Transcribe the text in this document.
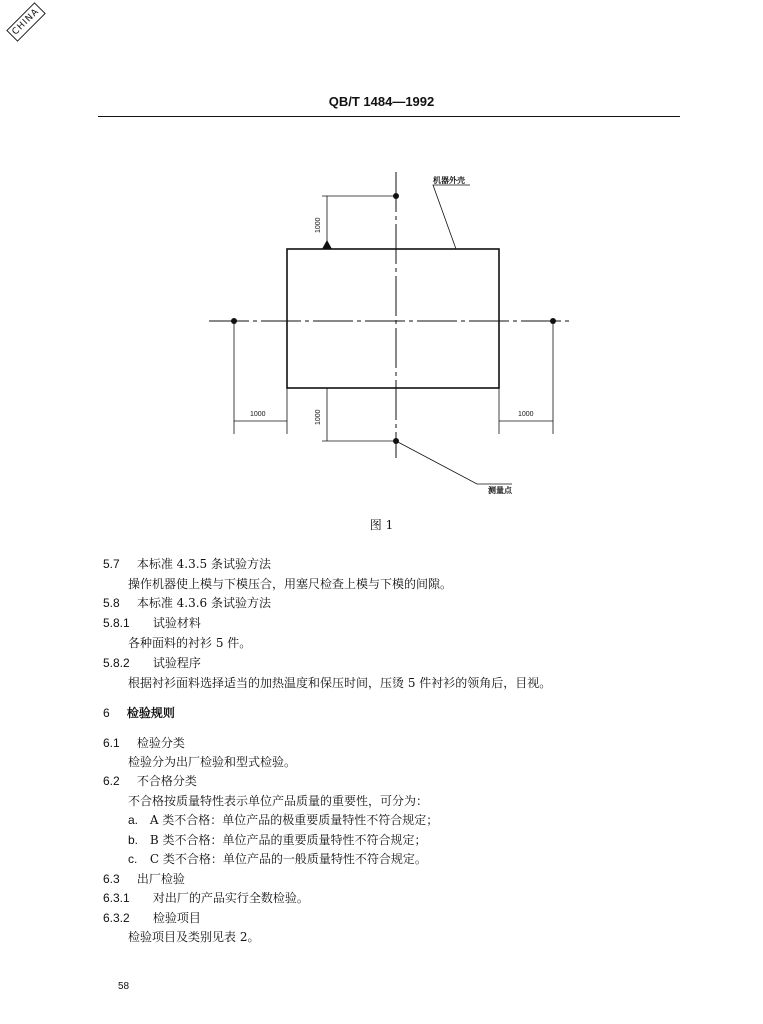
CHINA
QB/T 1484—1992
1000
1000
1000	1000
机器外壳
测量点
图 1
5.7 本标准 4.3.5 条试验方法
操作机器使上模与下模压合，用塞尺检查上模与下模的间隙。
5.8 本标准 4.3.6 条试验方法
5.8.1 试验材料
各种面料的衬衫 5 件。
5.8.2 试验程序
根据衬衫面料选择适当的加热温度和保压时间，压烫 5 件衬衫的领角后，目视。
6 检验规则
6.1 检验分类
检验分为出厂检验和型式检验。
6.2 不合格分类
不合格按质量特性表示单位产品质量的重要性，可分为：
a. A 类不合格：单位产品的极重要质量特性不符合规定；
b. B 类不合格：单位产品的重要质量特性不符合规定；
c. C 类不合格：单位产品的一般质量特性不符合规定。
6.3 出厂检验
6.3.1 对出厂的产品实行全数检验。
6.3.2 检验项目
检验项目及类别见表 2。
58
